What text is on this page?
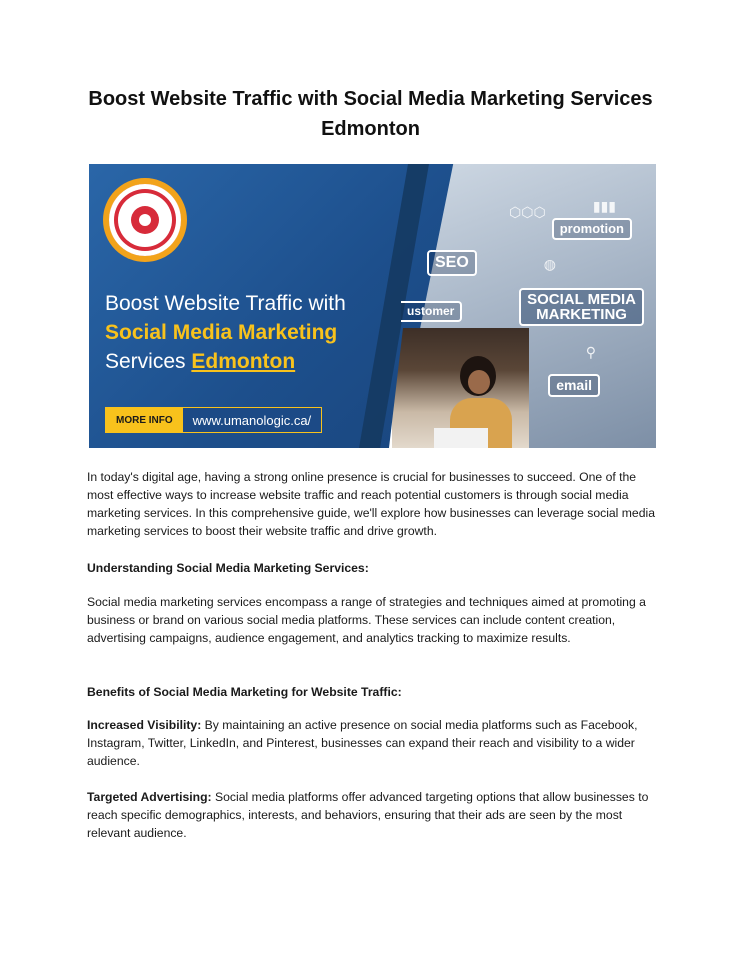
Boost Website Traffic with Social Media Marketing Services Edmonton
Boost Website Traffic with
Social Media Marketing
Services Edmonton
MORE INFO	www.umanologic.ca/
promotion
SEO
ustomer
SOCIAL MEDIA
MARKETING
email
▮▮▮
⬡⬡⬡
◍
⚲

In today's digital age, having a strong online presence is crucial for businesses to succeed. One of the most effective ways to increase website traffic and reach potential customers is through social media marketing services. In this comprehensive guide, we'll explore how businesses can leverage social media marketing services to boost their website traffic and drive growth.

Understanding Social Media Marketing Services:

Social media marketing services encompass a range of strategies and techniques aimed at promoting a business or brand on various social media platforms. These services can include content creation, advertising campaigns, audience engagement, and analytics tracking to maximize results.

Benefits of Social Media Marketing for Website Traffic:

Increased Visibility: By maintaining an active presence on social media platforms such as Facebook, Instagram, Twitter, LinkedIn, and Pinterest, businesses can expand their reach and visibility to a wider audience.

Targeted Advertising: Social media platforms offer advanced targeting options that allow businesses to reach specific demographics, interests, and behaviors, ensuring that their ads are seen by the most relevant audience.
